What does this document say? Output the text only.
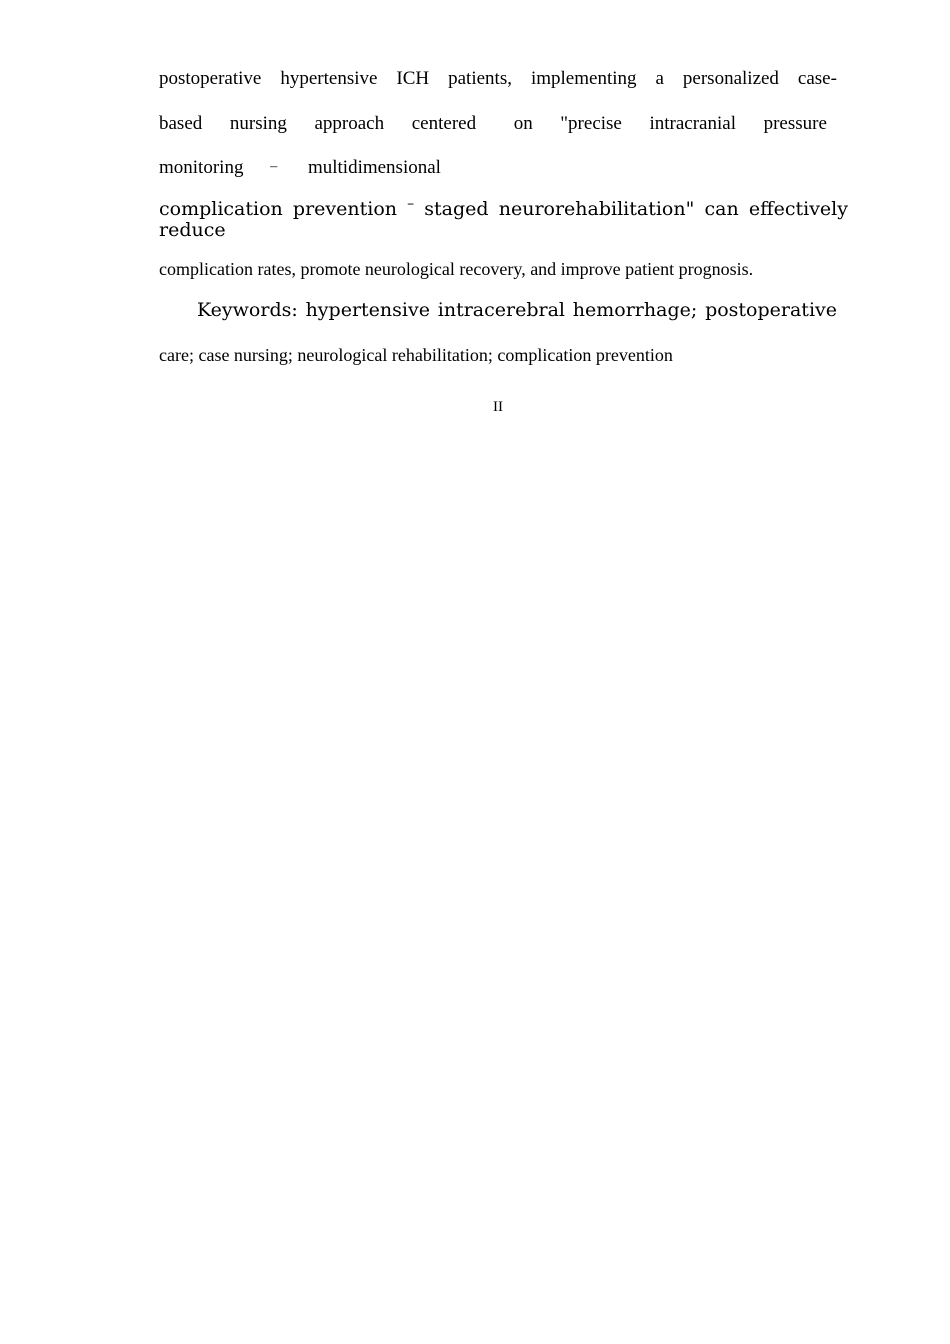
postoperative hypertensive ICH patients, implementing a personalized case-
based nursing approach centered on "precise intracranial pressure
monitoring – multidimensional
complication prevention – staged neurorehabilitation" can effectively
reduce
complication rates, promote neurological recovery, and improve patient prognosis.
Keywords: hypertensive intracerebral hemorrhage; postoperative
care; case nursing; neurological rehabilitation; complication prevention
II
